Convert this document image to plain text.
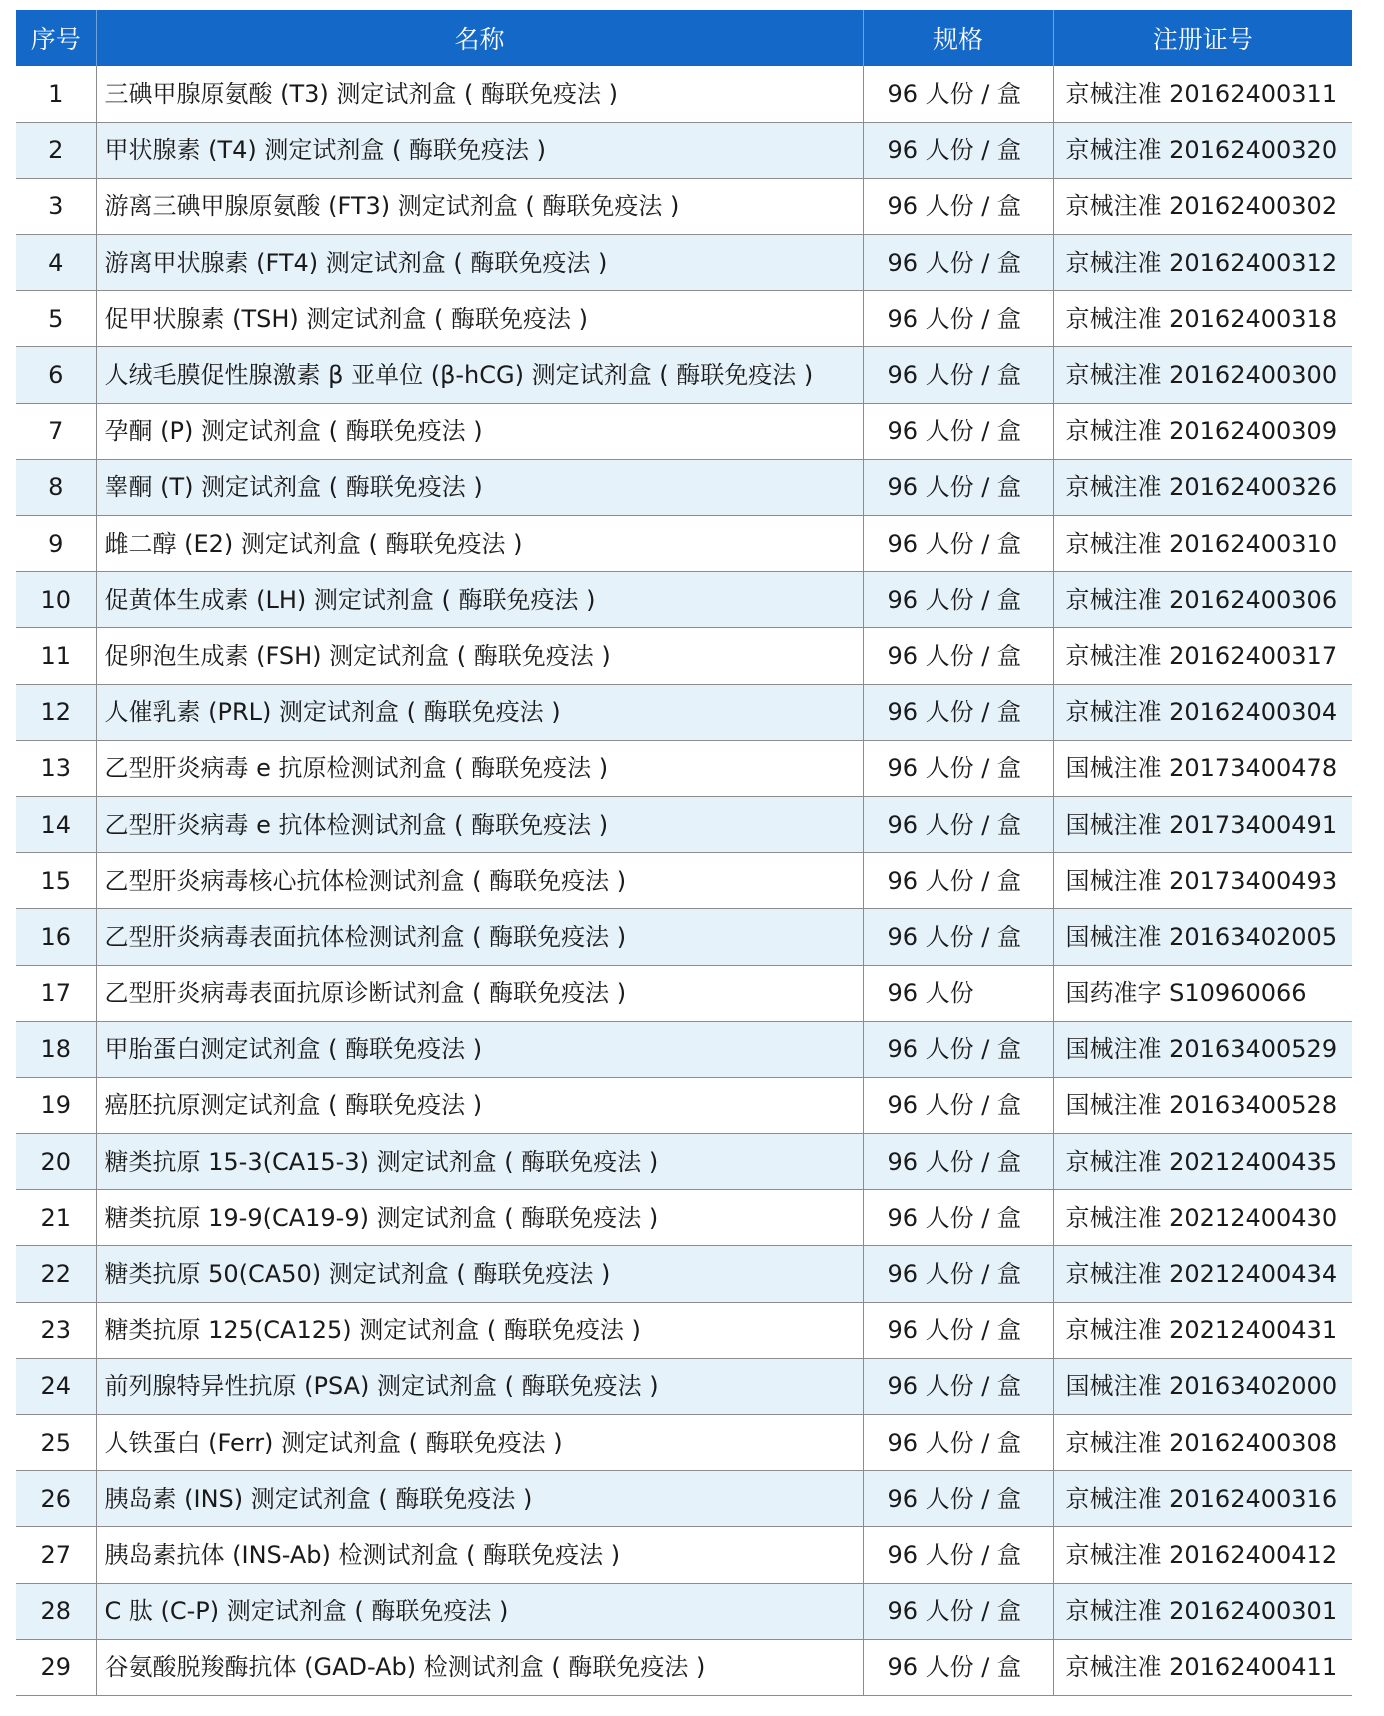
序号	名称	规格	注册证号
1	三碘甲腺原氨酸 (T3) 测定试剂盒 ( 酶联免疫法 )	96 人份 / 盒	京械注准 20162400311
2	甲状腺素 (T4) 测定试剂盒 ( 酶联免疫法 )	96 人份 / 盒	京械注准 20162400320
3	游离三碘甲腺原氨酸 (FT3) 测定试剂盒 ( 酶联免疫法 )	96 人份 / 盒	京械注准 20162400302
4	游离甲状腺素 (FT4) 测定试剂盒 ( 酶联免疫法 )	96 人份 / 盒	京械注准 20162400312
5	促甲状腺素 (TSH) 测定试剂盒 ( 酶联免疫法 )	96 人份 / 盒	京械注准 20162400318
6	人绒毛膜促性腺激素 β 亚单位 (β-hCG) 测定试剂盒 ( 酶联免疫法 )	96 人份 / 盒	京械注准 20162400300
7	孕酮 (P) 测定试剂盒 ( 酶联免疫法 )	96 人份 / 盒	京械注准 20162400309
8	睾酮 (T) 测定试剂盒 ( 酶联免疫法 )	96 人份 / 盒	京械注准 20162400326
9	雌二醇 (E2) 测定试剂盒 ( 酶联免疫法 )	96 人份 / 盒	京械注准 20162400310
10	促黄体生成素 (LH) 测定试剂盒 ( 酶联免疫法 )	96 人份 / 盒	京械注准 20162400306
11	促卵泡生成素 (FSH) 测定试剂盒 ( 酶联免疫法 )	96 人份 / 盒	京械注准 20162400317
12	人催乳素 (PRL) 测定试剂盒 ( 酶联免疫法 )	96 人份 / 盒	京械注准 20162400304
13	乙型肝炎病毒 e 抗原检测试剂盒 ( 酶联免疫法 )	96 人份 / 盒	国械注准 20173400478
14	乙型肝炎病毒 e 抗体检测试剂盒 ( 酶联免疫法 )	96 人份 / 盒	国械注准 20173400491
15	乙型肝炎病毒核心抗体检测试剂盒 ( 酶联免疫法 )	96 人份 / 盒	国械注准 20173400493
16	乙型肝炎病毒表面抗体检测试剂盒 ( 酶联免疫法 )	96 人份 / 盒	国械注准 20163402005
17	乙型肝炎病毒表面抗原诊断试剂盒 ( 酶联免疫法 )	96 人份	国药准字 S10960066
18	甲胎蛋白测定试剂盒 ( 酶联免疫法 )	96 人份 / 盒	国械注准 20163400529
19	癌胚抗原测定试剂盒 ( 酶联免疫法 )	96 人份 / 盒	国械注准 20163400528
20	糖类抗原 15-3(CA15-3) 测定试剂盒 ( 酶联免疫法 )	96 人份 / 盒	京械注准 20212400435
21	糖类抗原 19-9(CA19-9) 测定试剂盒 ( 酶联免疫法 )	96 人份 / 盒	京械注准 20212400430
22	糖类抗原 50(CA50) 测定试剂盒 ( 酶联免疫法 )	96 人份 / 盒	京械注准 20212400434
23	糖类抗原 125(CA125) 测定试剂盒 ( 酶联免疫法 )	96 人份 / 盒	京械注准 20212400431
24	前列腺特异性抗原 (PSA) 测定试剂盒 ( 酶联免疫法 )	96 人份 / 盒	国械注准 20163402000
25	人铁蛋白 (Ferr) 测定试剂盒 ( 酶联免疫法 )	96 人份 / 盒	京械注准 20162400308
26	胰岛素 (INS) 测定试剂盒 ( 酶联免疫法 )	96 人份 / 盒	京械注准 20162400316
27	胰岛素抗体 (INS-Ab) 检测试剂盒 ( 酶联免疫法 )	96 人份 / 盒	京械注准 20162400412
28	C 肽 (C-P) 测定试剂盒 ( 酶联免疫法 )	96 人份 / 盒	京械注准 20162400301
29	谷氨酸脱羧酶抗体 (GAD-Ab) 检测试剂盒 ( 酶联免疫法 )	96 人份 / 盒	京械注准 20162400411
